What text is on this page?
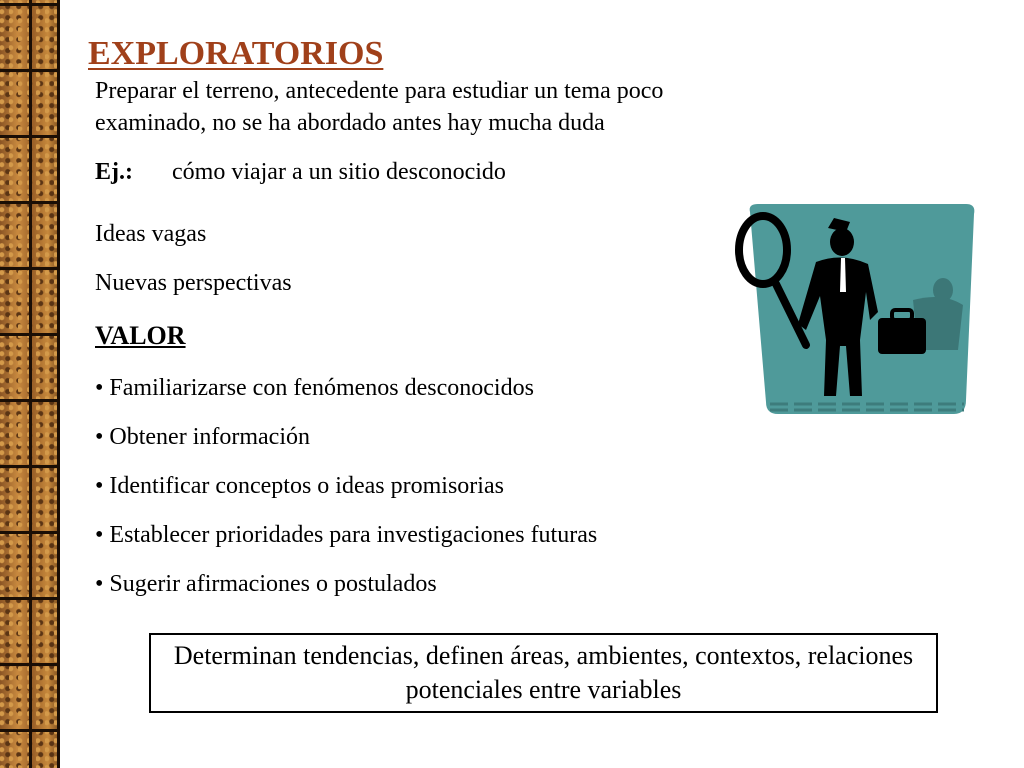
EXPLORATORIOS

Preparar el terreno, antecedente para estudiar un tema poco examinado, no se ha abordado antes hay mucha duda

Ej.: cómo viajar a un sitio desconocido

Ideas vagas

Nuevas perspectivas

VALOR

• Familiarizarse con fenómenos desconocidos
• Obtener información
• Identificar conceptos o ideas promisorias
• Establecer prioridades para investigaciones futuras
• Sugerir afirmaciones o postulados
Determinan tendencias, definen áreas, ambientes, contextos, relaciones potenciales entre variables
